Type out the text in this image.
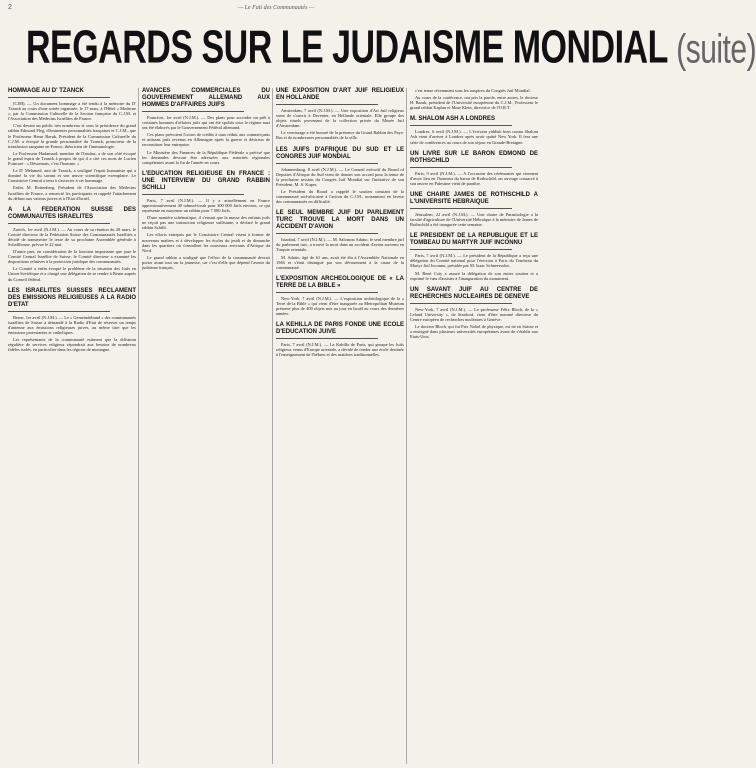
2	— Le Fait des Communautés —
REGARDS SUR LE JUDAISME MONDIAL (suite)
HOMMAGE AU D' TZANCK

(CJM). — Un document hommage a été rendu à la mémoire du D' Tzanck au cours d'une soirée organisée, le 17 mars, à l'Hôtel « Moderne », par la Commission Culturelle de la Section française du C.J.M. et l'Association des Médecins Israélites de France.

C'est devant un public très nombreux et sous la présidence du grand rabbin Edmond Fleg, d'éminentes personnalités françaises et C.J.M., que le Professeur Henri Baruk, Président de la Commission Culturelle du C.J.M. a évoqué la grande personnalité du Tzanck, promoteur de la transfusion sanguine en France, théoricien de l'immunologie.

Le Professeur Hadamard, membre de l'Institut, a de son côté évoqué le grand esprit de Tzanck à propos de qui il a cité ces mots de Lucien Poincaré : « Désormais, c'est l'homme. »

Le D' Melamed, ami de Tzanck, a souligné l'esprit humaniste qui a dominé la vie du savant et son œuvre scientifique exemplaire. Le Consistoire Central a tenu à s'associer à cet hommage.

Enfin, M. Rottenberg, Président de l'Association des Médecins Israélites de France, a remercié les participants et rappelé l'attachement du défunt aux valeurs juives et à l'Etat d'Israël.

A LA FEDERATION SUISSE DES COMMUNAUTES ISRAELITES

Zurich, 1er avril (N.J.M.). — Au cours de sa réunion du 28 mars, le Comité directeur de la Fédération Suisse des Communautés Israélites a décidé de transmettre le texte de sa prochaine Assemblée générale à Schaffhouse, prévue le 22 mai.

D'autre part, en considération de la fonction importante que joue le Comité Central Israélite de Suisse, le Comité directeur a examiné les dispositions relatives à la protection juridique des communautés.

Le Comité a enfin évoqué le problème de la situation des Juifs en Union Soviétique et a chargé une délégation de se rendre à Berne auprès du Conseil fédéral.

LES ISRAELITES SUISSES RECLAMENT DES EMISSIONS RELIGIEUSES A LA RADIO D'ETAT

Berne, 1er avril (N.J.M.). — Le « Gemeindebund » des communautés israélites de Suisse a demandé à la Radio d'Etat de réserver un temps d'antenne aux émissions religieuses juives, au même titre que les émissions protestantes et catholiques.

Les représentants de la communauté estiment que la diffusion régulière de services religieux répondrait aux besoins de nombreux fidèles isolés, en particulier dans les régions de montagne.

AVANCES COMMERCIALES DU GOUVERNEMENT ALLEMAND AUX HOMMES D'AFFAIRES JUIFS

Francfort, 1er avril (N.J.M.). — Des plans pour accorder un prêt à certaines hommes d'affaires juifs qui ont été spoliés sous le régime nazi ont été élaborés par le Gouvernement Fédéral allemand.

Ces plans prévoient l'octroi de crédits à taux réduit aux commerçants et artisans juifs revenus en Allemagne après la guerre et désireux de reconstituer leur entreprise.

Le Ministère des Finances de la République Fédérale a précisé que les demandes devront être adressées aux autorités régionales compétentes avant la fin de l'année en cours.

L'EDUCATION RELIGIEUSE EN FRANCE : UNE INTERVIEW DU GRAND RABBIN SCHILLI

Paris, 7 avril (N.J.M.). — Il y a actuellement en France approximativement 40 talmud-torah pour 300 000 Juifs environ, ce qui représente en moyenne un rabbin pour 7 000 Juifs.

D'une manière schématique, il s'ensuit que la masse des enfants juifs ne reçoit pas une instruction religieuse suffisante, a déclaré le grand rabbin Schilli.

Les efforts entrepris par le Consistoire Central visent à former de nouveaux maîtres et à développer les écoles du jeudi et du dimanche dans les quartiers où s'installent les nouveaux arrivants d'Afrique du Nord.

Le grand rabbin a souligné que l'effort de la communauté devrait porter avant tout sur la jeunesse, car c'est d'elle que dépend l'avenir du judaïsme français.

UNE EXPOSITION D'ART JUIF RELIGIEUX EN HOLLANDE

Amsterdam, 7 avril (N.J.M.). — Une exposition d'Art Juif religieux vient de s'ouvrir à Deventer, en Hollande orientale. Elle groupe des objets rituels provenant de la collection privée du Musée Juif d'Amsterdam.

Le vernissage a été honoré de la présence du Grand Rabbin des Pays-Bas et de nombreuses personnalités de la ville.

LES JUIFS D'AFRIQUE DU SUD ET LE CONGRES JUIF MONDIAL

Johannesburg, 8 avril (N.J.M.). — Le Conseil exécutif du Board of Deputies d'Afrique du Sud vient de donner son accord pour la tenue de la prochaine session du Congrès Juif Mondial sur l'initiative de son Président, M. S. Kuper.

Le Président du Board a rappelé le soutien constant de la communauté sud-africaine à l'action du C.J.M., notamment en faveur des communautés en difficulté.

LE SEUL MEMBRE JUIF DU PARLEMENT TURC TROUVE LA MORT DANS UN ACCIDENT D'AVION

Istanbul, 7 avril (N.J.M.). — M. Salomon Adatto, le seul membre juif du parlement turc, a trouvé la mort dans un accident d'avion survenu en Turquie orientale.

M. Adatto, âgé de 61 ans, avait été élu à l'Assemblée Nationale en 1946 et s'était distingué par son dévouement à la cause de la communauté.

L'EXPOSITION ARCHEOLOGIQUE DE « LA TERRE DE LA BIBLE »

New-York, 7 avril (N.J.M.). — L'exposition archéologique de la « Terre de la Bible » qui vient d'être inaugurée au Metropolitan Museum présente plus de 400 objets mis au jour en Israël au cours des dernières années.

LA KEHILLA DE PARIS FONDE UNE ECOLE D'EDUCATION JUIVE

Paris, 7 avril (N.J.M.). — La Kehilla de Paris, qui groupe les Juifs religieux venus d'Europe orientale, a décidé de fonder une école destinée à l'enseignement de l'hébreu et des matières traditionnelles.

c'est tenue récemment sous les auspices du Congrès Juif Mondial.

Au cours de la conférence, ont pris la parole, entre autres, le docteur H. Baruk, président de l'Université européenne du C.J.M., Professeur le grand rabbin Kaplan et Mme Klein, directrice de l'O.R.T.

M. SHALOM ASH A LONDRES

Londres, 6 avril (N.J.M.). — L'écrivain yiddish bien connu Shalom Ash vient d'arriver à Londres après avoir quitté New York. Il fera une série de conférences au cours de son séjour en Grande-Bretagne.

UN LIVRE SUR LE BARON EDMOND DE ROTHSCHILD

Paris, 9 avril (N.J.M.). — A l'occasion des cérémonies qui viennent d'avoir lieu en l'honneur du baron de Rothschild, un ouvrage consacré à son œuvre en Palestine vient de paraître.

UNE CHAIRE JAMES DE ROTHSCHILD A L'UNIVERSITE HEBRAIQUE

Jérusalem, 22 avril (N.J.M.). — Une chaire de Parasitologie a la faculté d'agriculture de l'Université Hébraïque à la mémoire de James de Rothschild a été inaugurée cette semaine.

LE PRESIDENT DE LA REPUBLIQUE ET LE TOMBEAU DU MARTYR JUIF INCONNU

Paris, 7 avril (N.J.M.). — Le président de la République a reçu une délégation du Comité national pour l'érection à Paris du Tombeau du Martyr Juif Inconnu, présidée par M. Isaac Schneersohn.

M. René Coty a assuré la délégation de son entier soutien et a exprimé le vœu d'assister à l'inauguration du monument.

UN SAVANT JUIF AU CENTRE DE RECHERCHES NUCLEAIRES DE GENEVE

New-York, 7 avril (N.J.M.). — Le professeur Félix Bloch, de la « Leland University », de Stanford, vient d'être nommé directeur du Centre européen de recherches nucléaires à Genève.

Le docteur Bloch, qui fut Prix Nobel de physique, est né en Suisse et a enseigné dans plusieurs universités européennes avant de s'établir aux Etats-Unis.
